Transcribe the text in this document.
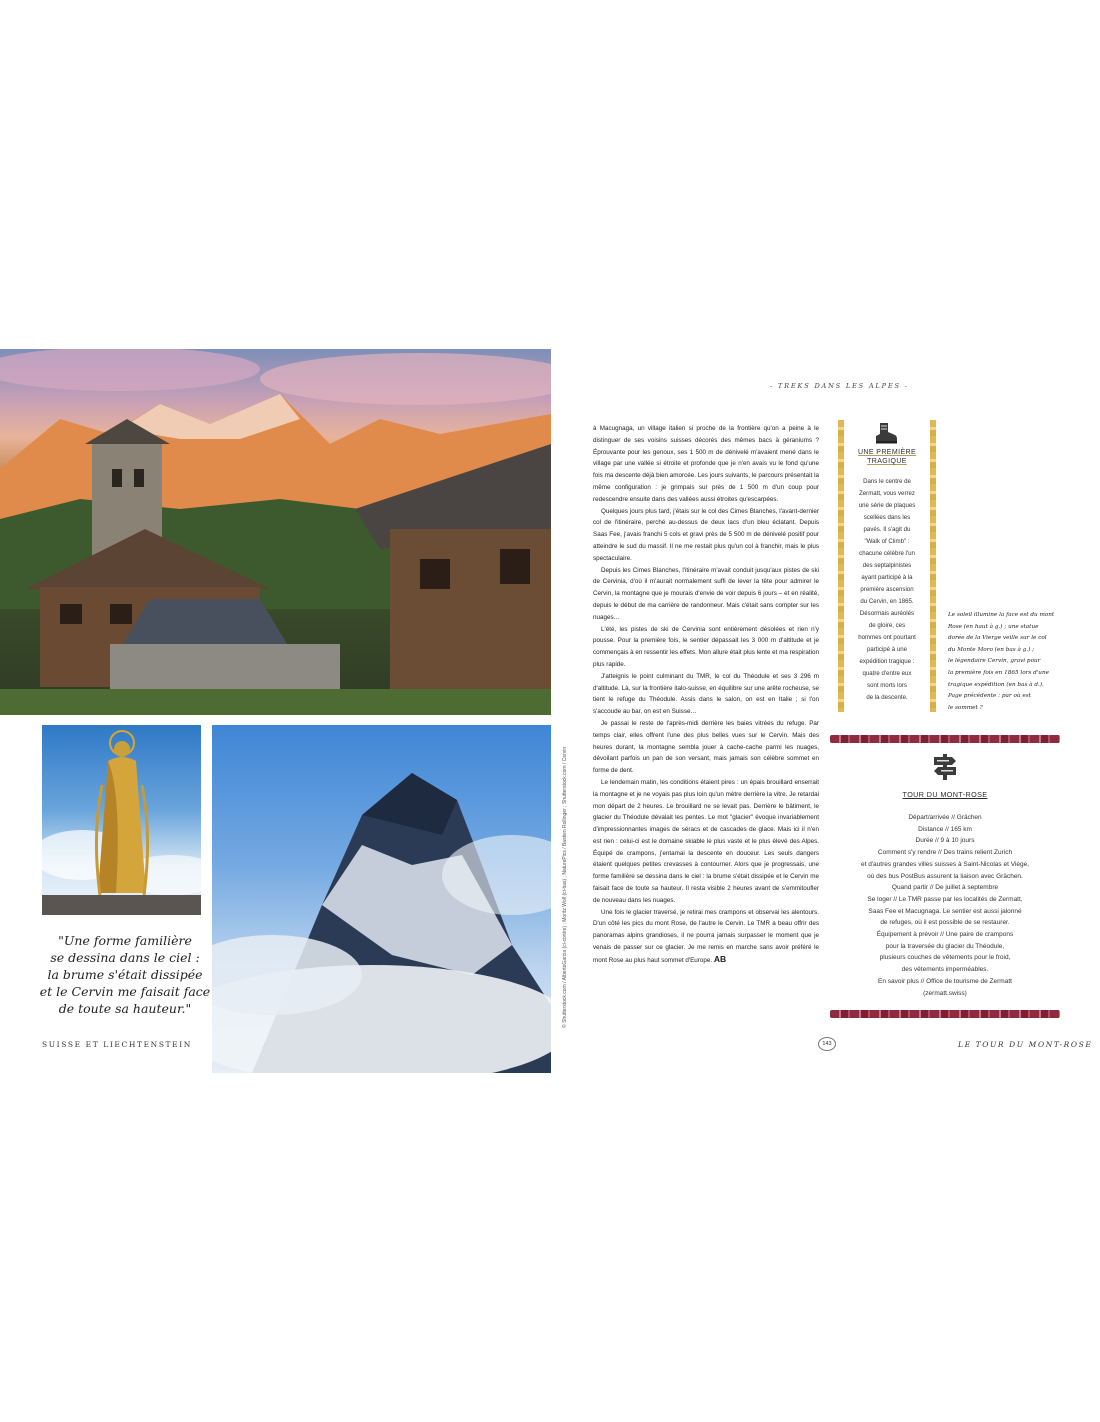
"Une forme familière
se dessina dans le ciel :
la brume s'était dissipée
et le Cervin me faisait face
de toute sa hauteur."
SUISSE ET LIECHTENSTEIN
© Shutterstock.com / AlbertoGarcia (ci-contre) ; Moritz Wolf (ci-bas) ; NaturePics / Bastien Rollinger ; Shutterstock.com / Cervin
- TREKS DANS LES ALPES -

à Macugnaga, un village italien si proche de la frontière qu'on a peine à le distinguer de ses voisins suisses décorés des mêmes bacs à géraniums ? Éprouvante pour les genoux, ses 1 500 m de dénivelé m'avaient mené dans le village par une vallée si étroite et profonde que je n'en avais vu le fond qu'une fois ma descente déjà bien amorcée. Les jours suivants, le parcours présentait la même configuration : je grimpais sur près de 1 500 m d'un coup pour redescendre ensuite dans des vallées aussi étroites qu'escarpées.

Quelques jours plus tard, j'étais sur le col des Cimes Blanches, l'avant-dernier col de l'itinéraire, perché au-dessus de deux lacs d'un bleu éclatant. Depuis Saas Fee, j'avais franchi 5 cols et gravi près de 5 500 m de dénivelé positif pour atteindre le sud du massif. Il ne me restait plus qu'un col à franchir, mais le plus spectaculaire.

Depuis les Cimes Blanches, l'itinéraire m'avait conduit jusqu'aux pistes de ski de Cervinia, d'où il m'aurait normalement suffi de lever la tête pour admirer le Cervin, la montagne que je mourais d'envie de voir depuis 6 jours – et en réalité, depuis le début de ma carrière de randonneur. Mais c'était sans compter sur les nuages…

L'été, les pistes de ski de Cervinia sont entièrement désolées et rien n'y pousse. Pour la première fois, le sentier dépassait les 3 000 m d'altitude et je commençais à en ressentir les effets. Mon allure était plus lente et ma respiration plus rapide.

J'atteignis le point culminant du TMR, le col du Théodule et ses 3 296 m d'altitude. Là, sur la frontière italo-suisse, en équilibre sur une arête rocheuse, se tient le refuge du Théodule. Assis dans le salon, on est en Italie ; si l'on s'accoude au bar, on est en Suisse…

Je passai le reste de l'après-midi derrière les baies vitrées du refuge. Par temps clair, elles offrent l'une des plus belles vues sur le Cervin. Mais des heures durant, la montagne sembla jouer à cache-cache parmi les nuages, dévoilant parfois un pan de son versant, mais jamais son célèbre sommet en forme de dent.

Le lendemain matin, les conditions étaient pires : un épais brouillard enserrait la montagne et je ne voyais pas plus loin qu'un mètre derrière la vitre. Je retardai mon départ de 2 heures. Le brouillard ne se levait pas. Derrière le bâtiment, le glacier du Théodule dévalait les pentes. Le mot "glacier" évoque invariablement d'impressionnantes images de séracs et de cascades de glace. Mais ici il n'en est rien : celui-ci est le domaine skiable le plus vaste et le plus élevé des Alpes. Équipé de crampons, j'entamai la descente en douceur. Les seuls dangers étaient quelques petites crevasses à contourner. Alors que je progressais, une forme familière se dessina dans le ciel : la brume s'était dissipée et le Cervin me faisait face de toute sa hauteur. Il resta visible 2 heures avant de s'emmitoufler de nouveau dans les nuages.

Une fois le glacier traversé, je retirai mes crampons et observai les alentours. D'un côté les pics du mont Rose, de l'autre le Cervin. Le TMR a beau offrir des panoramas alpins grandioses, il ne pourra jamais surpasser le moment que je venais de passer sur ce glacier. Je me remis en marche sans avoir préféré le mont Rose au plus haut sommet d'Europe. AB

UNE PREMIÈRE
TRAGIQUE
Dans le centre de
Zermatt, vous verrez
une série de plaques
scellées dans les
pavés. Il s'agit du
"Walk of Climb" :
chacune célèbre l'un
des septalpinistes
ayant participé à la
première ascension
du Cervin, en 1865.
Désormais auréolés
de gloire, ces
hommes ont pourtant
participé à une
expédition tragique :
quatre d'entre eux
sont morts lors
de la descente.
Le soleil illumine la face est du mont
Rose (en haut à g.) ; une statue
dorée de la Vierge veille sur le col
du Monte Moro (en bas à g.) ;
le légendaire Cervin, gravi pour
la première fois en 1865 lors d'une
tragique expédition (en bas à d.).
Page précédente : par où est
le sommet ?
TOUR DU MONT-ROSE
Départ/arrivée // Grächen
Distance // 165 km
Durée // 9 à 10 jours
Comment s'y rendre // Des trains relient Zurich
et d'autres grandes villes suisses à Saint-Nicolas et Viège,
où des bus PostBus assurent la liaison avec Grächen.
Quand partir // De juillet à septembre
Se loger // Le TMR passe par les localités de Zermatt,
Saas Fee et Macugnaga. Le sentier est aussi jalonné
de refuges, où il est possible de se restaurer.
Équipement à prévoir // Une paire de crampons
pour la traversée du glacier du Théodule,
plusieurs couches de vêtements pour le froid,
des vêtements imperméables.
En savoir plus // Office de tourisme de Zermatt
(zermatt.swiss)
143	LE TOUR DU MONT-ROSE
